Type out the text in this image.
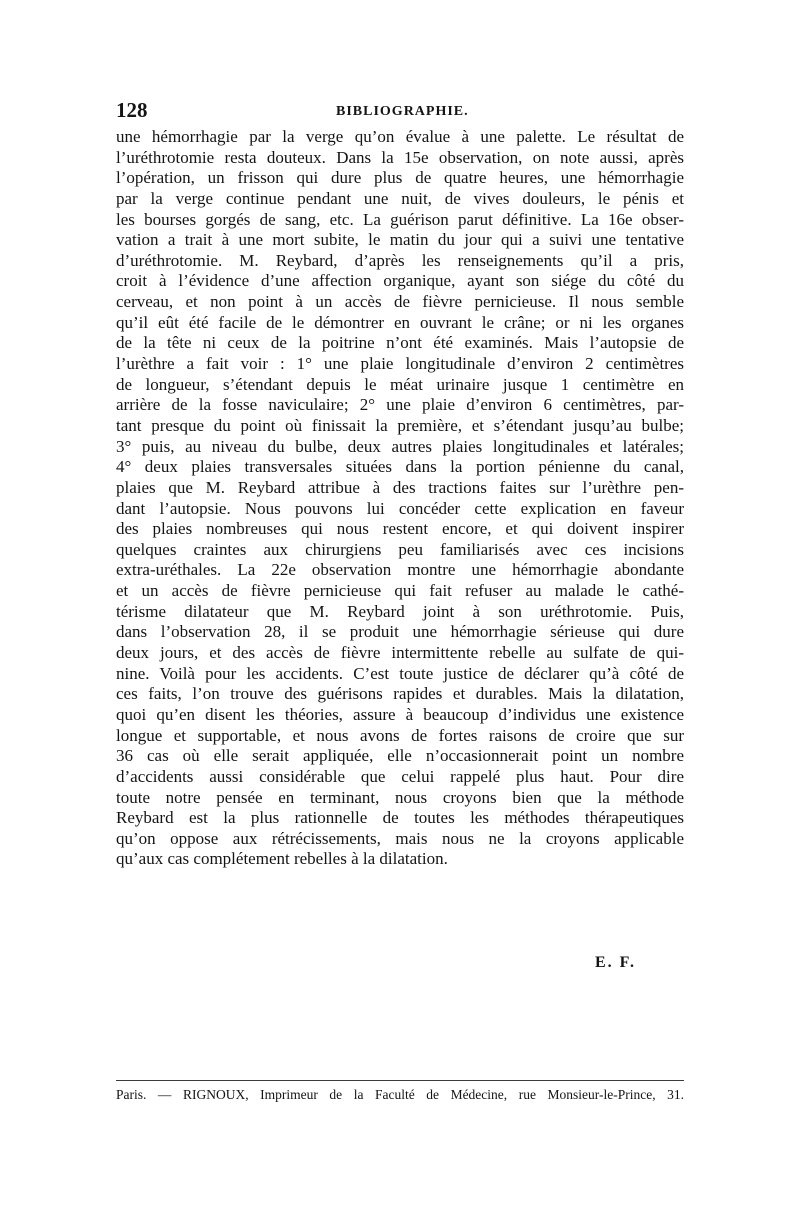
128	BIBLIOGRAPHIE.
une hémorrhagie par la verge qu’on évalue à une palette. Le résultat de
l’uréthrotomie resta douteux. Dans la 15e observation, on note aussi, après
l’opération, un frisson qui dure plus de quatre heures, une hémorrhagie
par la verge continue pendant une nuit, de vives douleurs, le pénis et
les bourses gorgés de sang, etc. La guérison parut définitive. La 16e obser-
vation a trait à une mort subite, le matin du jour qui a suivi une tentative
d’uréthrotomie. M. Reybard, d’après les renseignements qu’il a pris,
croit à l’évidence d’une affection organique, ayant son siége du côté du
cerveau, et non point à un accès de fièvre pernicieuse. Il nous semble
qu’il eût été facile de le démontrer en ouvrant le crâne; or ni les organes
de la tête ni ceux de la poitrine n’ont été examinés. Mais l’autopsie de
l’urèthre a fait voir : 1° une plaie longitudinale d’environ 2 centimètres
de longueur, s’étendant depuis le méat urinaire jusque 1 centimètre en
arrière de la fosse naviculaire; 2° une plaie d’environ 6 centimètres, par-
tant presque du point où finissait la première, et s’étendant jusqu’au bulbe;
3° puis, au niveau du bulbe, deux autres plaies longitudinales et latérales;
4° deux plaies transversales situées dans la portion pénienne du canal,
plaies que M. Reybard attribue à des tractions faites sur l’urèthre pen-
dant l’autopsie. Nous pouvons lui concéder cette explication en faveur
des plaies nombreuses qui nous restent encore, et qui doivent inspirer
quelques craintes aux chirurgiens peu familiarisés avec ces incisions
extra-uréthales. La 22e observation montre une hémorrhagie abondante
et un accès de fièvre pernicieuse qui fait refuser au malade le cathé-
térisme dilatateur que M. Reybard joint à son uréthrotomie. Puis,
dans l’observation 28, il se produit une hémorrhagie sérieuse qui dure
deux jours, et des accès de fièvre intermittente rebelle au sulfate de qui-
nine. Voilà pour les accidents. C’est toute justice de déclarer qu’à côté de
ces faits, l’on trouve des guérisons rapides et durables. Mais la dilatation,
quoi qu’en disent les théories, assure à beaucoup d’individus une existence
longue et supportable, et nous avons de fortes raisons de croire que sur
36 cas où elle serait appliquée, elle n’occasionnerait point un nombre
d’accidents aussi considérable que celui rappelé plus haut. Pour dire
toute notre pensée en terminant, nous croyons bien que la méthode
Reybard est la plus rationnelle de toutes les méthodes thérapeutiques
qu’on oppose aux rétrécissements, mais nous ne la croyons applicable
qu’aux cas complétement rebelles à la dilatation.
E. F.
Paris. — RIGNOUX, Imprimeur de la Faculté de Médecine, rue Monsieur-le-Prince, 31.
